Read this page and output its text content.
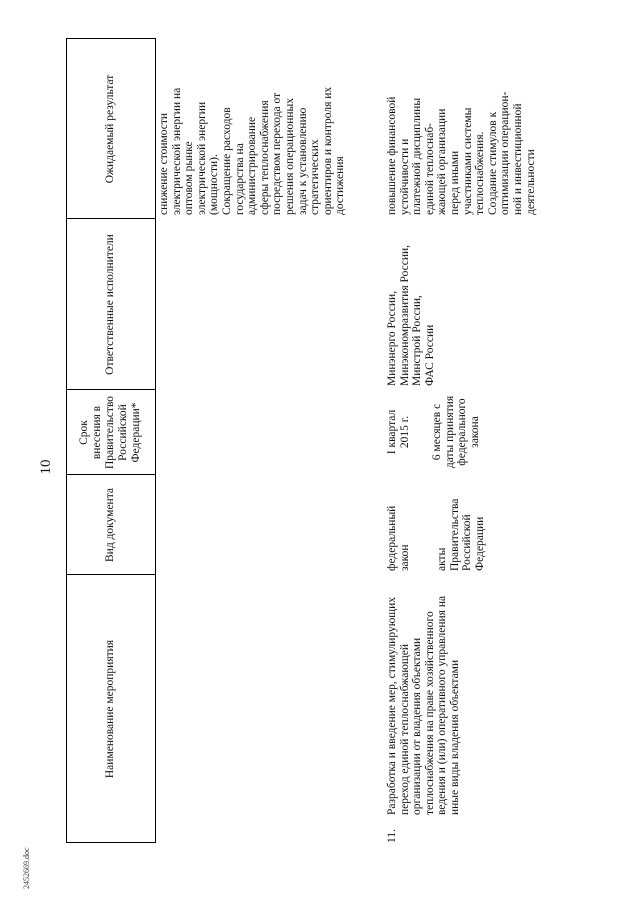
2452669.doc
Наименование мероприятия
Вид документа
Срок
внесения в
Правительство
Российской
Федерации*
Ответственные исполнители
Ожидаемый результат
10
снижение стоимости
электрической энергии на
оптовом рынке
электрической энергии
(мощности).
Сокращение расходов
государства на
администрирование
сферы теплоснабжения
посредством перехода от
решения операционных
задач к установлению
стратегических
ориентиров и контроля их
достижения
11.
Разработка и введение мер, стимулирующих
переход единой теплоснабжающей
организации от владения объектами
теплоснабжения на праве хозяйственного
ведения и (или) оперативного управления на
иные виды владения объектами
федеральный
закон акты
Правительства
Российской
Федерации
I квартал
2015 г.
6 месяцев с
даты принятия
федерального
закона
Минэнерго России,
Минэкономразвития России,
Минстрой России,
ФАС России
повышение финансовой
устойчивости и
платежной дисциплины
единой теплоснаб-
жающей организации
перед иными
участниками системы
теплоснабжения.
Создание стимулов к
оптимизации операцион-
ной и инвестиционной
деятельности
